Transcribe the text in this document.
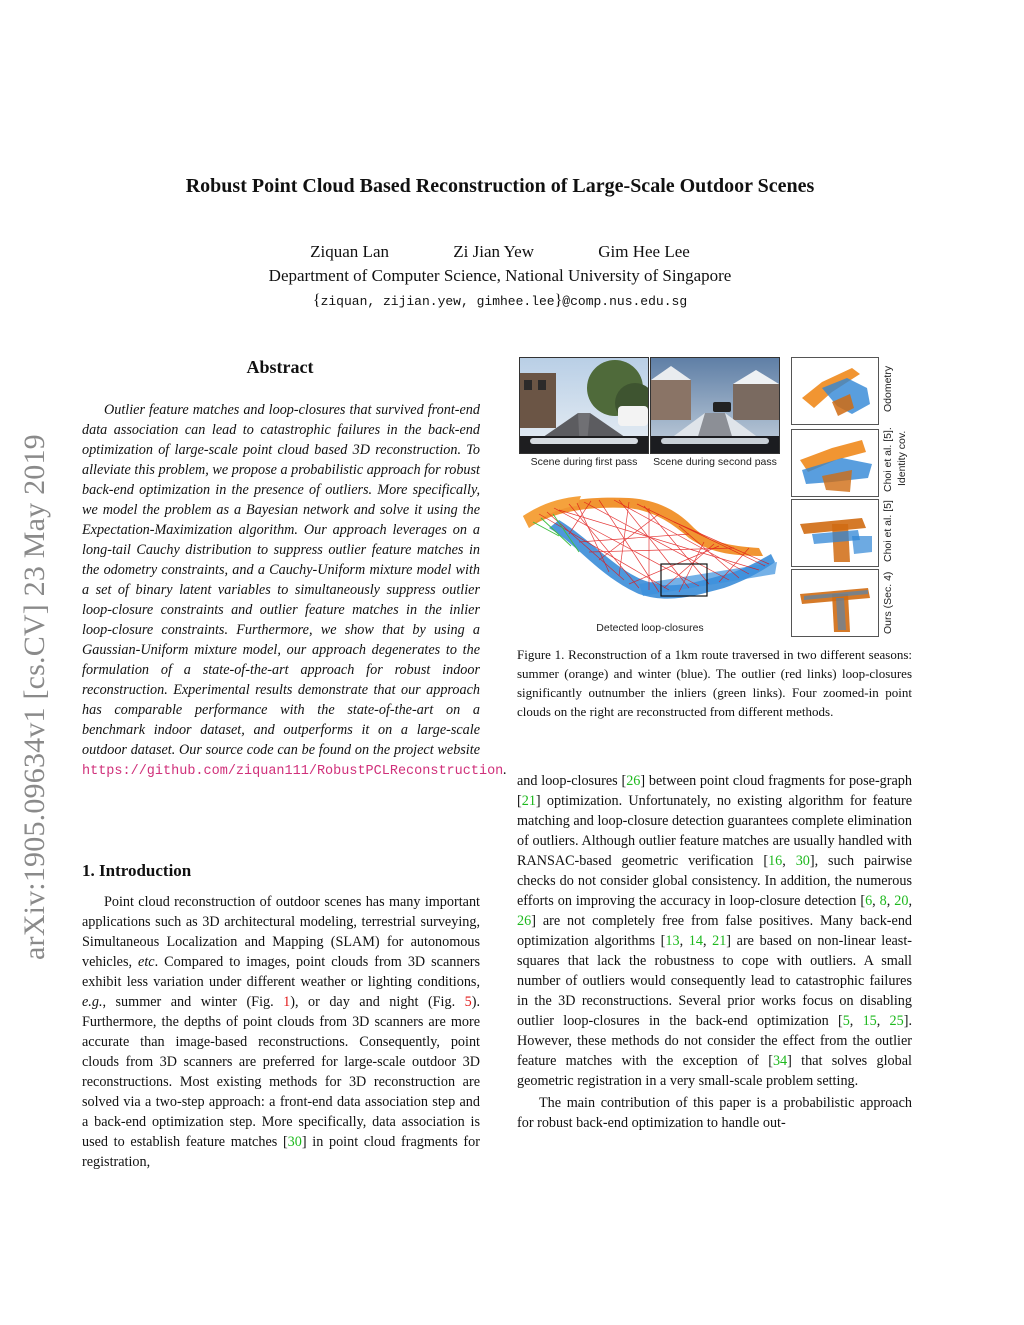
arXiv:1905.09634v1 [cs.CV] 23 May 2019
Robust Point Cloud Based Reconstruction of Large-Scale Outdoor Scenes
Ziquan Lan	Zi Jian Yew	Gim Hee Lee
Department of Computer Science, National University of Singapore
{ziquan, zijian.yew, gimhee.lee}@comp.nus.edu.sg
Abstract
Outlier feature matches and loop-closures that survived front-end data association can lead to catastrophic failures in the back-end optimization of large-scale point cloud based 3D reconstruction. To alleviate this problem, we propose a probabilistic approach for robust back-end optimization in the presence of outliers. More specifically, we model the problem as a Bayesian network and solve it using the Expectation-Maximization algorithm. Our approach leverages on a long-tail Cauchy distribution to suppress outlier feature matches in the odometry constraints, and a Cauchy-Uniform mixture model with a set of binary latent variables to simultaneously suppress outlier loop-closure constraints and outlier feature matches in the inlier loop-closure constraints. Furthermore, we show that by using a Gaussian-Uniform mixture model, our approach degenerates to the formulation of a state-of-the-art approach for robust indoor reconstruction. Experimental results demonstrate that our approach has comparable performance with the state-of-the-art on a benchmark indoor dataset, and outperforms it on a large-scale outdoor dataset. Our source code can be found on the project website https://github.com/ziquan111/RobustPCLReconstruction.
1. Introduction
Point cloud reconstruction of outdoor scenes has many important applications such as 3D architectural modeling, terrestrial surveying, Simultaneous Localization and Mapping (SLAM) for autonomous vehicles, etc. Compared to images, point clouds from 3D scanners exhibit less variation under different weather or lighting conditions, e.g., summer and winter (Fig. 1), or day and night (Fig. 5). Furthermore, the depths of point clouds from 3D scanners are more accurate than image-based reconstructions. Consequently, point clouds from 3D scanners are preferred for large-scale outdoor 3D reconstructions. Most existing methods for 3D reconstruction are solved via a two-step approach: a front-end data association step and a back-end optimization step. More specifically, data association is used to establish feature matches [30] in point cloud fragments for registration,
and loop-closures [26] between point cloud fragments for pose-graph [21] optimization. Unfortunately, no existing algorithm for feature matching and loop-closure detection guarantees complete elimination of outliers. Although outlier feature matches are usually handled with RANSAC-based geometric verification [16, 30], such pairwise checks do not consider global consistency. In addition, the numerous efforts on improving the accuracy in loop-closure detection [6, 8, 20, 26] are not completely free from false positives. Many back-end optimization algorithms [13, 14, 21] are based on non-linear least-squares that lack the robustness to cope with outliers. A small number of outliers would consequently lead to catastrophic failures in the 3D reconstructions. Several prior works focus on disabling outlier loop-closures in the back-end optimization [5, 15, 25]. However, these methods do not consider the effect from the outlier feature matches with the exception of [34] that solves global geometric registration in a very small-scale problem setting.
The main contribution of this paper is a probabilistic approach for robust back-end optimization to handle out-
Scene during first pass	Scene during second pass
Detected loop-closures
Odometry
Choi et al. [5]. Identity cov.
Choi et al. [5]
Ours (Sec. 4)
Figure 1. Reconstruction of a 1km route traversed in two different seasons: summer (orange) and winter (blue). The outlier (red links) loop-closures significantly outnumber the inliers (green links). Four zoomed-in point clouds on the right are reconstructed from different methods.
